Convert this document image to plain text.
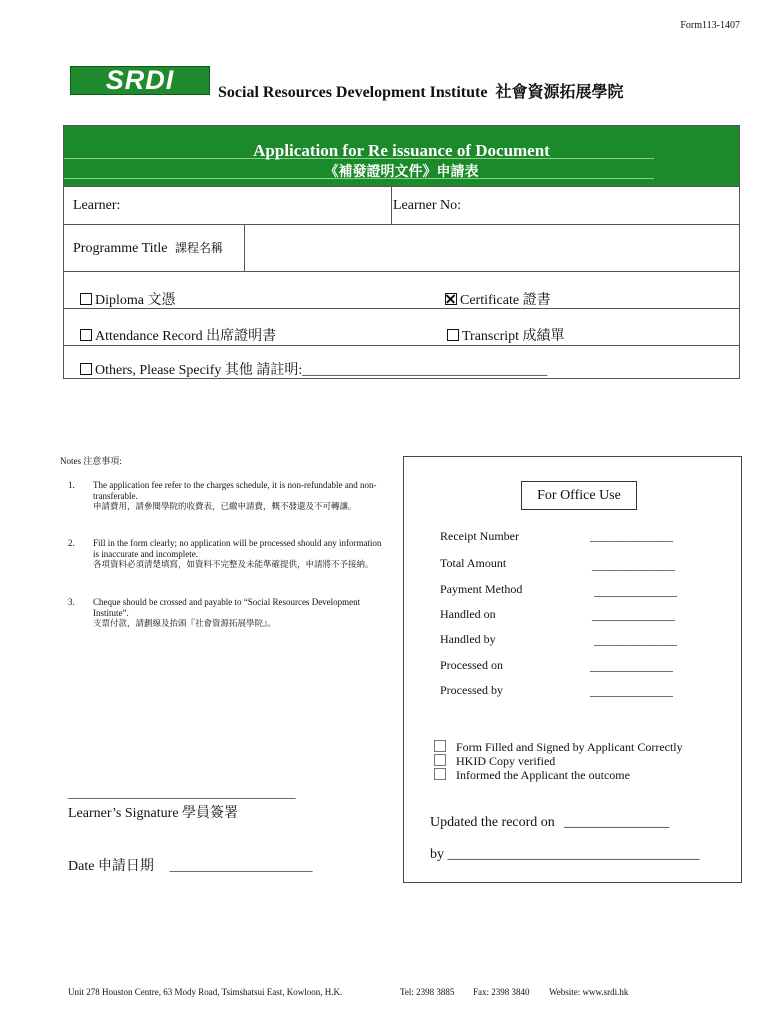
Form113-1407
SRDI	Social Resources Development Institute 社會資源拓展學院
Application for Re issuance of Document
《補發證明文件》申請表
Learner:	Learner No:
Programme Title 課程名稱
Diploma 文憑	Certificate 證書
Attendance Record 出席證明書	Transcript 成績單
Others, Please Specify 其他 請註明:___________________________________
Notes 注意事項:
1. The application fee refer to the charges schedule, it is non-refundable and non-transferable.
申請費用，請參閱學院的收費表，已繳申請費，概不發還及不可轉讓。
2. Fill in the form clearly; no application will be processed should any information is inaccurate and incomplete.
各項資料必須清楚填寫，如資料不完整及未能準確提供，申請將不予接納。
3. Cheque should be crossed and payable to “Social Resources Development Institute”.
支票付款，請劃線及抬頭『社會資源拓展學院』。
For Office Use
Receipt Number	_______________
Total Amount	_______________
Payment Method	_______________
Handled on	_______________
Handled by	_______________
Processed on	_______________
Processed by	_______________
Form Filled and Signed by Applicant Correctly
HKID Copy verified
Informed the Applicant the outcome
Updated the record on _______________
by ____________________________________
___________________________________
Learner’s Signature 學員簽署
Date 申請日期 ______________________
Unit 278 Houston Centre, 63 Mody Road, Tsimshatsui East, Kowloon, H.K.	Tel: 2398 3885 Fax: 2398 3840 Website: www.srdi.hk
